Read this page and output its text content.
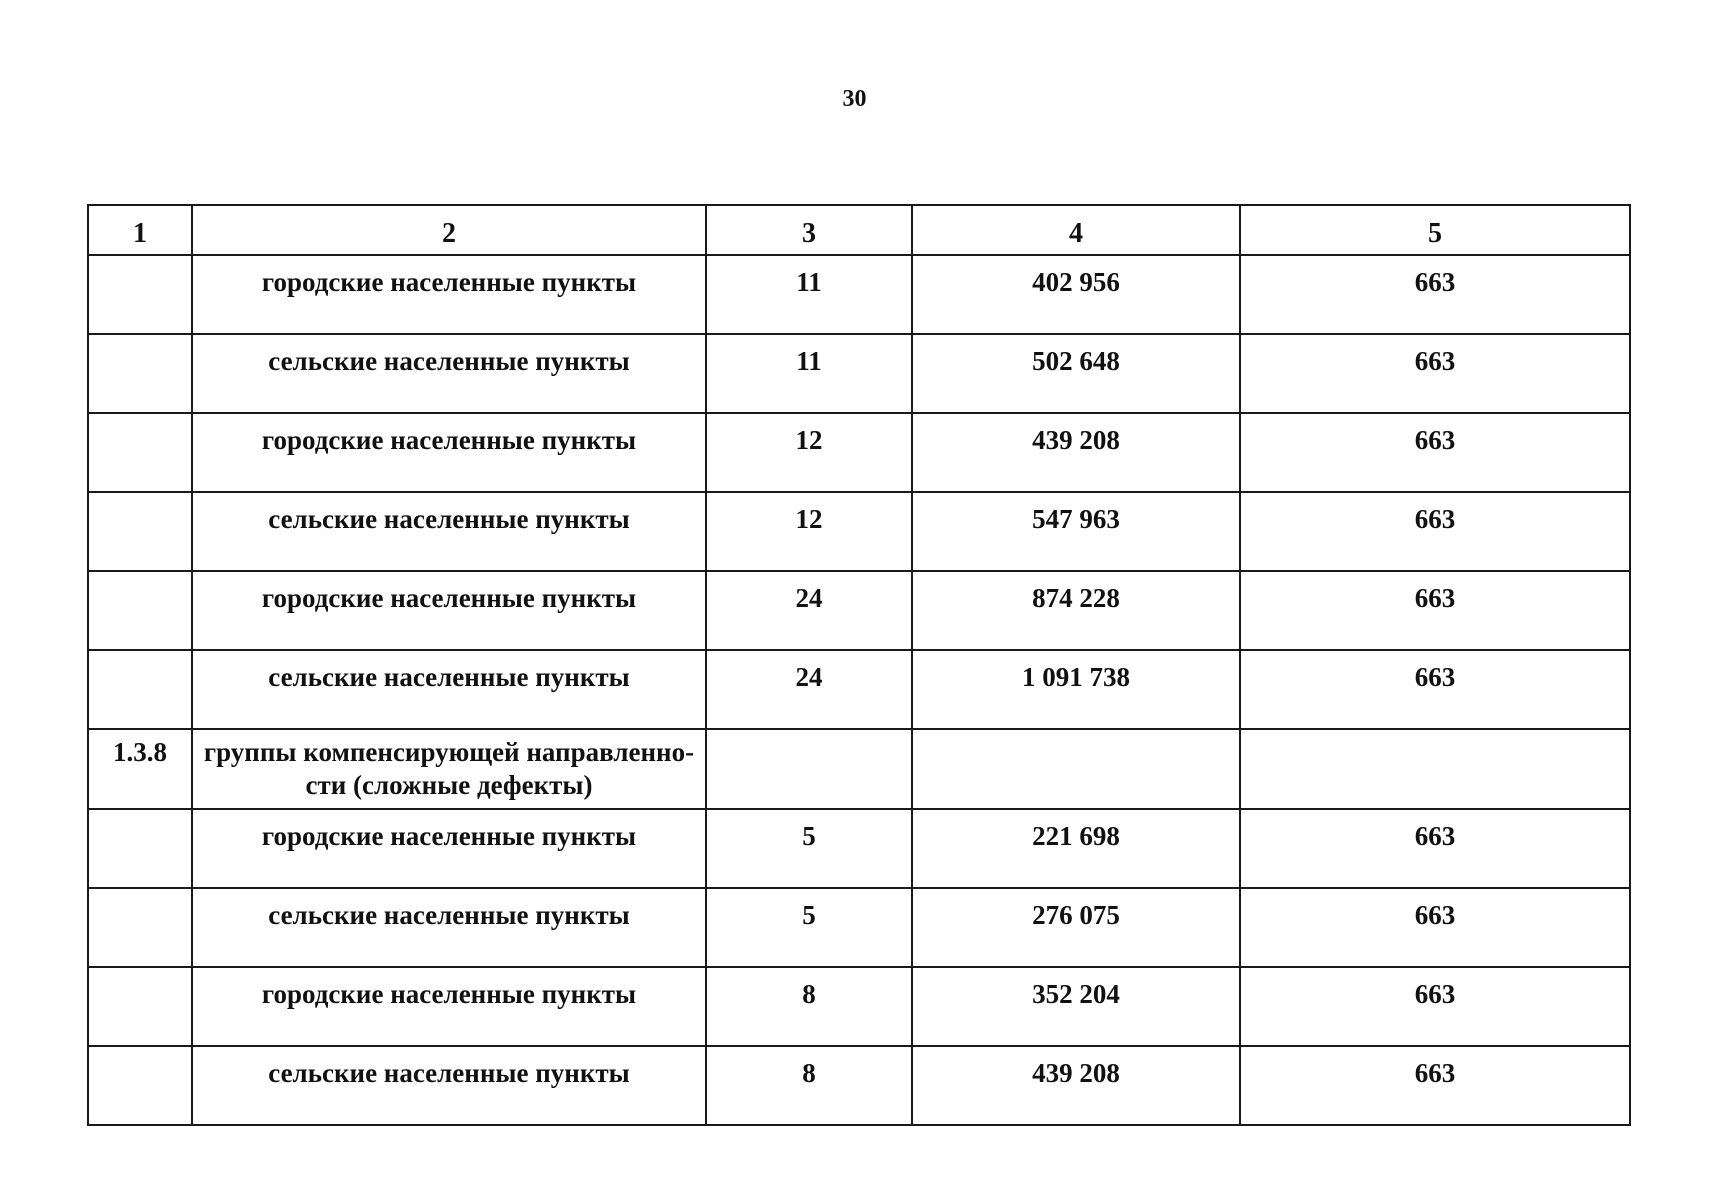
30
1	2	3	4	5
	городские населенные пункты	11	402 956	663
	сельские населенные пункты	11	502 648	663
	городские населенные пункты	12	439 208	663
	сельские населенные пункты	12	547 963	663
	городские населенные пункты	24	874 228	663
	сельские населенные пункты	24	1 091 738	663
1.3.8	группы компенсирующей направленно-сти (сложные дефекты)			
	городские населенные пункты	5	221 698	663
	сельские населенные пункты	5	276 075	663
	городские населенные пункты	8	352 204	663
	сельские населенные пункты	8	439 208	663
